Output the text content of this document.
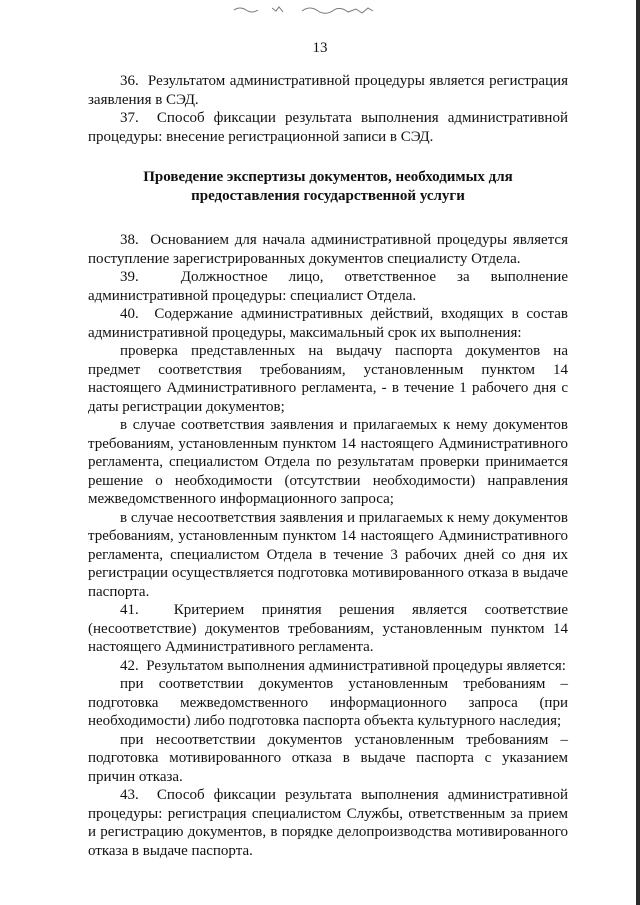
13

36.  Результатом административной процедуры является регистрация заявления в СЭД.

37.  Способ фиксации результата выполнения административной процедуры: внесение регистрационной записи в СЭД.

Проведение экспертизы документов, необходимых для предоставления государственной услуги

38.  Основанием для начала административной процедуры является поступление зарегистрированных документов специалисту Отдела.

39.  Должностное лицо, ответственное за выполнение административной процедуры: специалист Отдела.

40.  Содержание административных действий, входящих в состав административной процедуры, максимальный срок их выполнения:

проверка представленных на выдачу паспорта документов на предмет соответствия требованиям, установленным пунктом 14 настоящего Административного регламента, - в течение 1 рабочего дня с даты регистрации документов;

в случае соответствия заявления и прилагаемых к нему документов требованиям, установленным пунктом 14 настоящего Административного регламента, специалистом Отдела по результатам проверки принимается решение о необходимости (отсутствии необходимости) направления межведомственного информационного запроса;

в случае несоответствия заявления и прилагаемых к нему документов требованиям, установленным пунктом 14 настоящего Административного регламента, специалистом Отдела в течение 3 рабочих дней со дня их регистрации осуществляется подготовка мотивированного отказа в выдаче паспорта.

41.  Критерием принятия решения является соответствие (несоответствие) документов требованиям, установленным пунктом 14 настоящего Административного регламента.

42.  Результатом выполнения административной процедуры является:

при соответствии документов установленным требованиям – подготовка межведомственного информационного запроса (при необходимости) либо подготовка паспорта объекта культурного наследия;

при несоответствии документов установленным требованиям – подготовка мотивированного отказа в выдаче паспорта с указанием причин отказа.

43.  Способ фиксации результата выполнения административной процедуры: регистрация специалистом Службы, ответственным за прием и регистрацию документов, в порядке делопроизводства мотивированного отказа в выдаче паспорта.
